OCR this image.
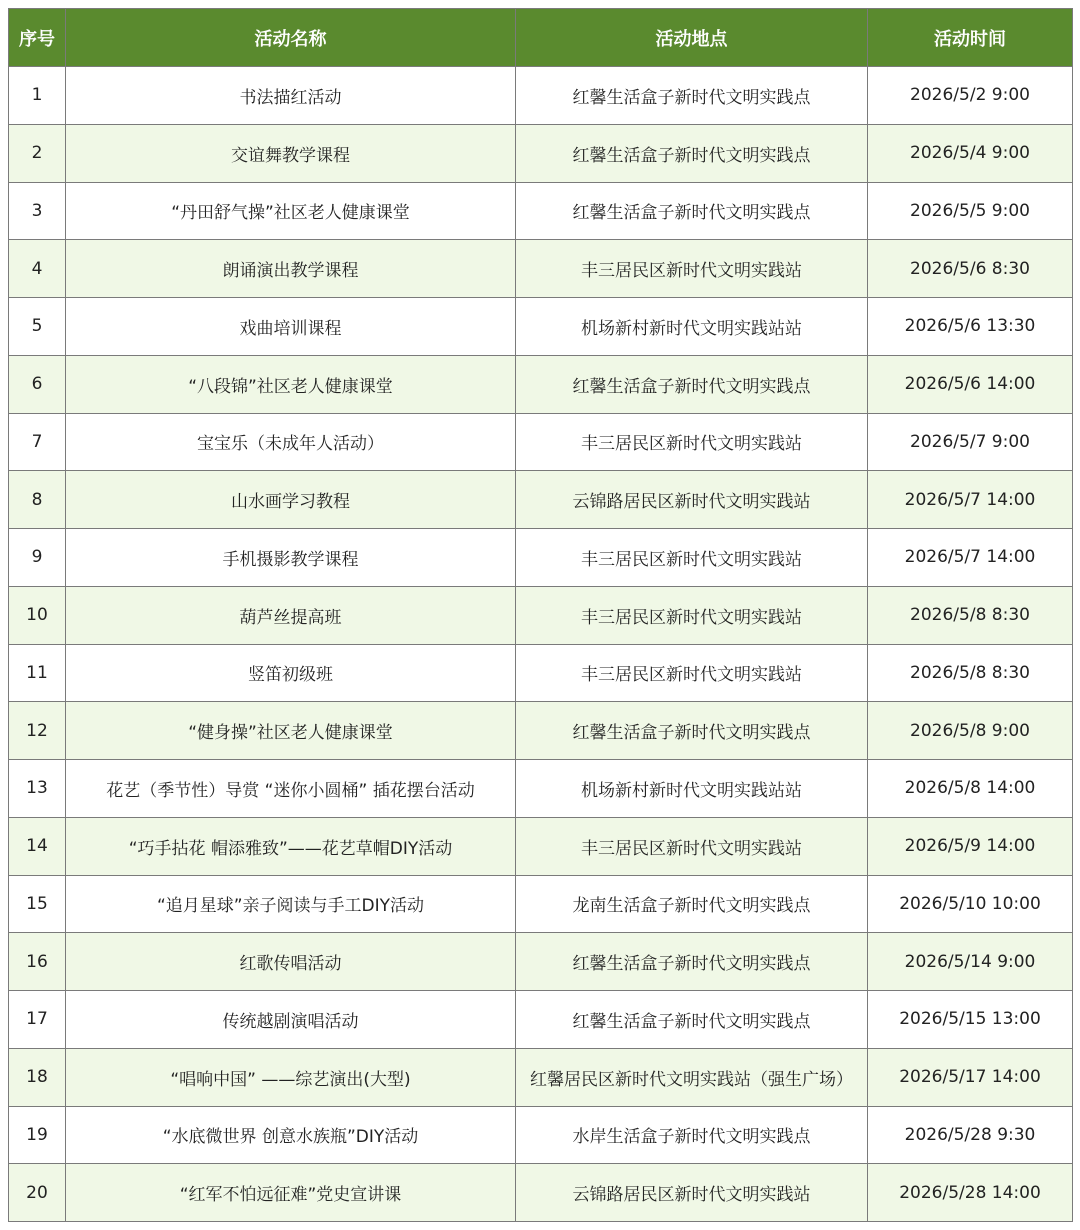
序号	活动名称	活动地点	活动时间
1	书法描红活动	红馨生活盒子新时代文明实践点	2026/5/2 9:00
2	交谊舞教学课程	红馨生活盒子新时代文明实践点	2026/5/4 9:00
3	“丹田舒气操”社区老人健康课堂	红馨生活盒子新时代文明实践点	2026/5/5 9:00
4	朗诵演出教学课程	丰三居民区新时代文明实践站	2026/5/6 8:30
5	戏曲培训课程	机场新村新时代文明实践站站	2026/5/6 13:30
6	“八段锦”社区老人健康课堂	红馨生活盒子新时代文明实践点	2026/5/6 14:00
7	宝宝乐（未成年人活动）	丰三居民区新时代文明实践站	2026/5/7 9:00
8	山水画学习教程	云锦路居民区新时代文明实践站	2026/5/7 14:00
9	手机摄影教学课程	丰三居民区新时代文明实践站	2026/5/7 14:00
10	葫芦丝提高班	丰三居民区新时代文明实践站	2026/5/8 8:30
11	竖笛初级班	丰三居民区新时代文明实践站	2026/5/8 8:30
12	“健身操”社区老人健康课堂	红馨生活盒子新时代文明实践点	2026/5/8 9:00
13	花艺（季节性）导赏 “迷你小圆桶” 插花摆台活动	机场新村新时代文明实践站站	2026/5/8 14:00
14	“巧手拈花 帽添雅致”——花艺草帽DIY活动	丰三居民区新时代文明实践站	2026/5/9 14:00
15	“追月星球”亲子阅读与手工DIY活动	龙南生活盒子新时代文明实践点	2026/5/10 10:00
16	红歌传唱活动	红馨生活盒子新时代文明实践点	2026/5/14 9:00
17	传统越剧演唱活动	红馨生活盒子新时代文明实践点	2026/5/15 13:00
18	“唱响中国” ——综艺演出(大型)	红馨居民区新时代文明实践站（强生广场）	2026/5/17 14:00
19	“水底微世界 创意水族瓶”DIY活动	水岸生活盒子新时代文明实践点	2026/5/28 9:30
20	“红军不怕远征难”党史宣讲课	云锦路居民区新时代文明实践站	2026/5/28 14:00
